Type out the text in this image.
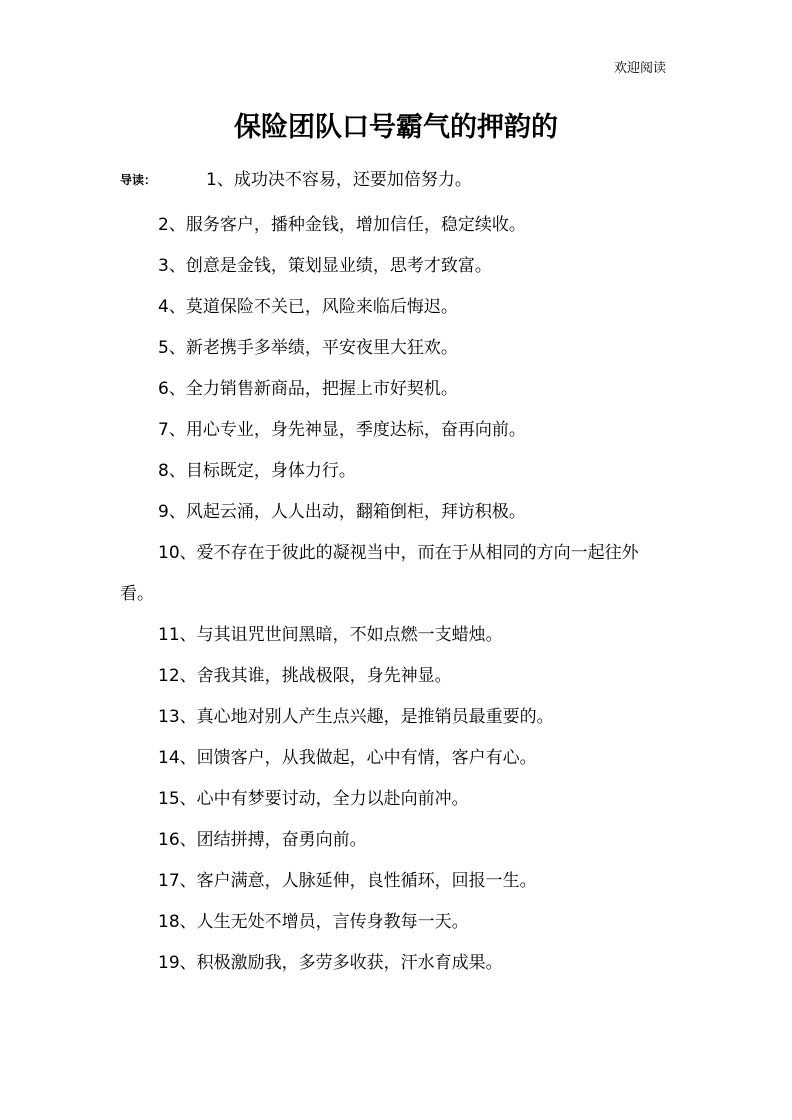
欢迎阅读
保险团队口号霸气的押韵的
导读：	1、成功决不容易，还要加倍努力。

2、服务客户，播种金钱，增加信任，稳定续收。

3、创意是金钱，策划显业绩，思考才致富。

4、莫道保险不关已，风险来临后悔迟。

5、新老携手多举绩，平安夜里大狂欢。

6、全力销售新商品，把握上市好契机。

7、用心专业，身先神显，季度达标，奋再向前。

8、目标既定，身体力行。

9、风起云涌，人人出动，翻箱倒柜，拜访积极。

10、爱不存在于彼此的凝视当中，而在于从相同的方向一起往外看。

11、与其诅咒世间黑暗，不如点燃一支蜡烛。

12、舍我其谁，挑战极限，身先神显。

13、真心地对别人产生点兴趣，是推销员最重要的。

14、回馈客户，从我做起，心中有情，客户有心。

15、心中有梦要讨动，全力以赴向前冲。

16、团结拼搏，奋勇向前。

17、客户满意，人脉延伸，良性循环，回报一生。

18、人生无处不增员，言传身教每一天。

19、积极激励我，多劳多收获，汗水育成果。
